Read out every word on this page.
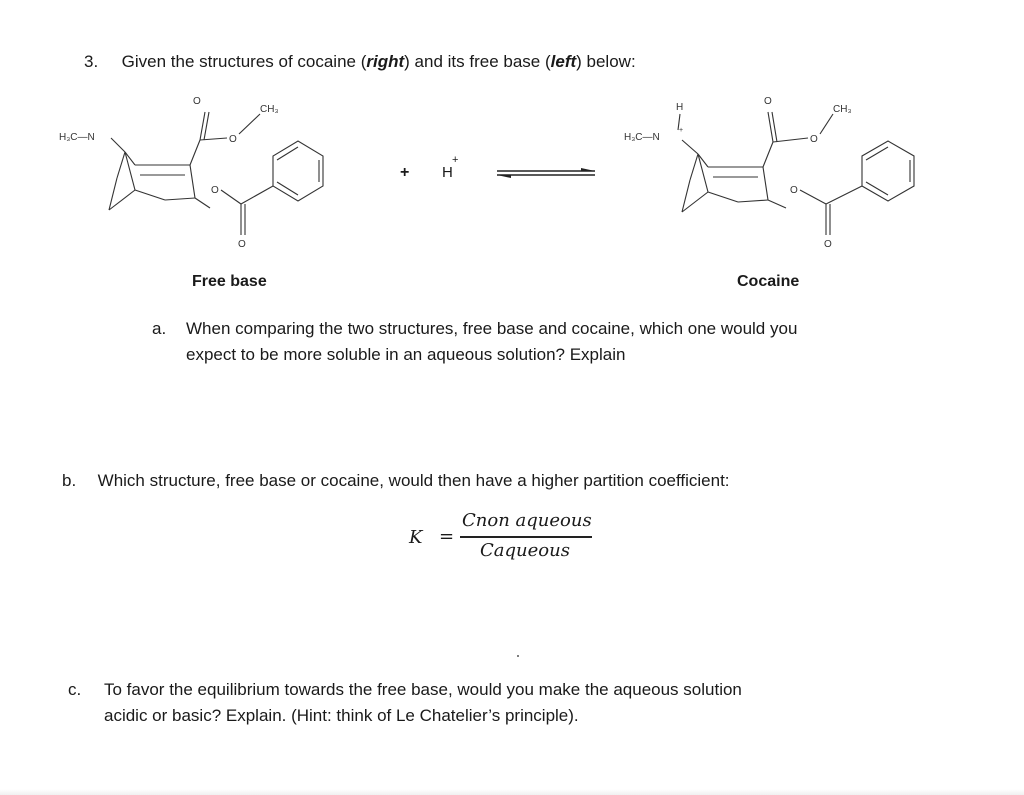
3. Given the structures of cocaine (right) and its free base (left) below:
H₃C—N
O
O
CH₃
O
O
+ H
+
H
H₃C—N
+
O
O
CH₃
O
O
Free base	Cocaine
a. When comparing the two structures, free base and cocaine, which one would you
expect to be more soluble in an aqueous solution? Explain
b. Which structure, free base or cocaine, would then have a higher partition coefficient:
K =
Cnon aqueous
Caqueous
c. To favor the equilibrium towards the free base, would you make the aqueous solution
acidic or basic? Explain. (Hint: think of Le Chatelier’s principle).
